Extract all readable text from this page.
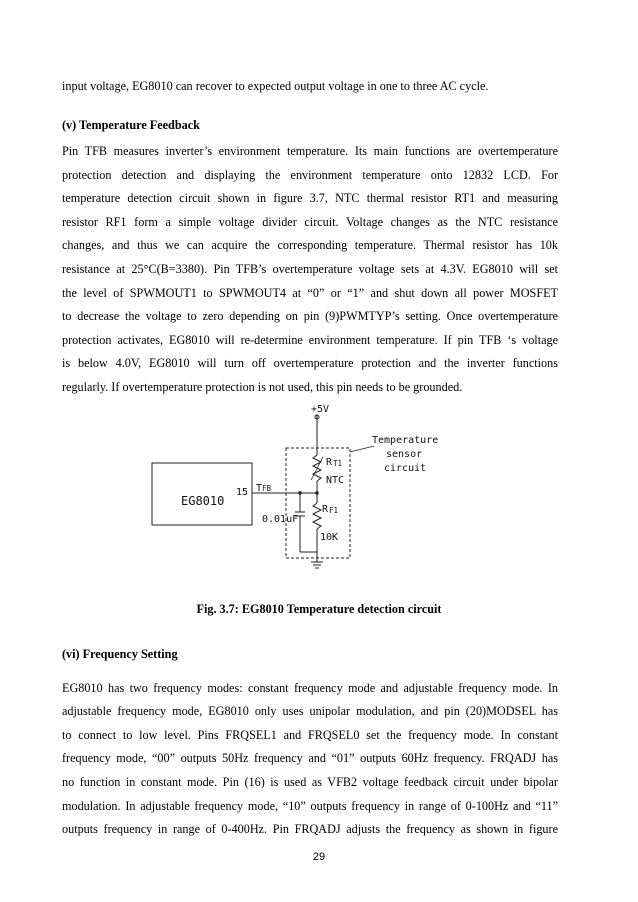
input voltage, EG8010 can recover to expected output voltage in one to three AC cycle.
(v) Temperature Feedback
Pin TFB measures inverter’s environment temperature. Its main functions are overtemperature
protection detection and displaying the environment temperature onto 12832 LCD. For
temperature detection circuit shown in figure 3.7, NTC thermal resistor RT1 and measuring
resistor RF1 form a simple voltage divider circuit. Voltage changes as the NTC resistance
changes, and thus we can acquire the corresponding temperature. Thermal resistor has 10k
resistance at 25°C(B=3380). Pin TFB’s overtemperature voltage sets at 4.3V. EG8010 will set
the level of SPWMOUT1 to SPWMOUT4 at “0” or “1” and shut down all power MOSFET
to decrease the voltage to zero depending on pin (9)PWMTYP’s setting. Once overtemperature
protection activates, EG8010 will re-determine environment temperature. If pin TFB ‘s voltage
is below 4.0V, EG8010 will turn off overtemperature protection and the inverter functions
regularly. If overtemperature protection is not used, this pin needs to be grounded.
+5V
R T1
NTC
R F1
10K
0.01uF
EG8010
15 T FB
Temperature
sensor
circuit
Fig. 3.7: EG8010 Temperature detection circuit
(vi) Frequency Setting
EG8010 has two frequency modes: constant frequency mode and adjustable frequency mode. In
adjustable frequency mode, EG8010 only uses unipolar modulation, and pin (20)MODSEL has
to connect to low level. Pins FRQSEL1 and FRQSEL0 set the frequency mode. In constant
frequency mode, “00” outputs 50Hz frequency and “01” outputs 60Hz frequency. FRQADJ has
no function in constant mode. Pin (16) is used as VFB2 voltage feedback circuit under bipolar
modulation. In adjustable frequency mode, “10” outputs frequency in range of 0-100Hz and “11”
outputs frequency in range of 0-400Hz. Pin FRQADJ adjusts the frequency as shown in figure
29
